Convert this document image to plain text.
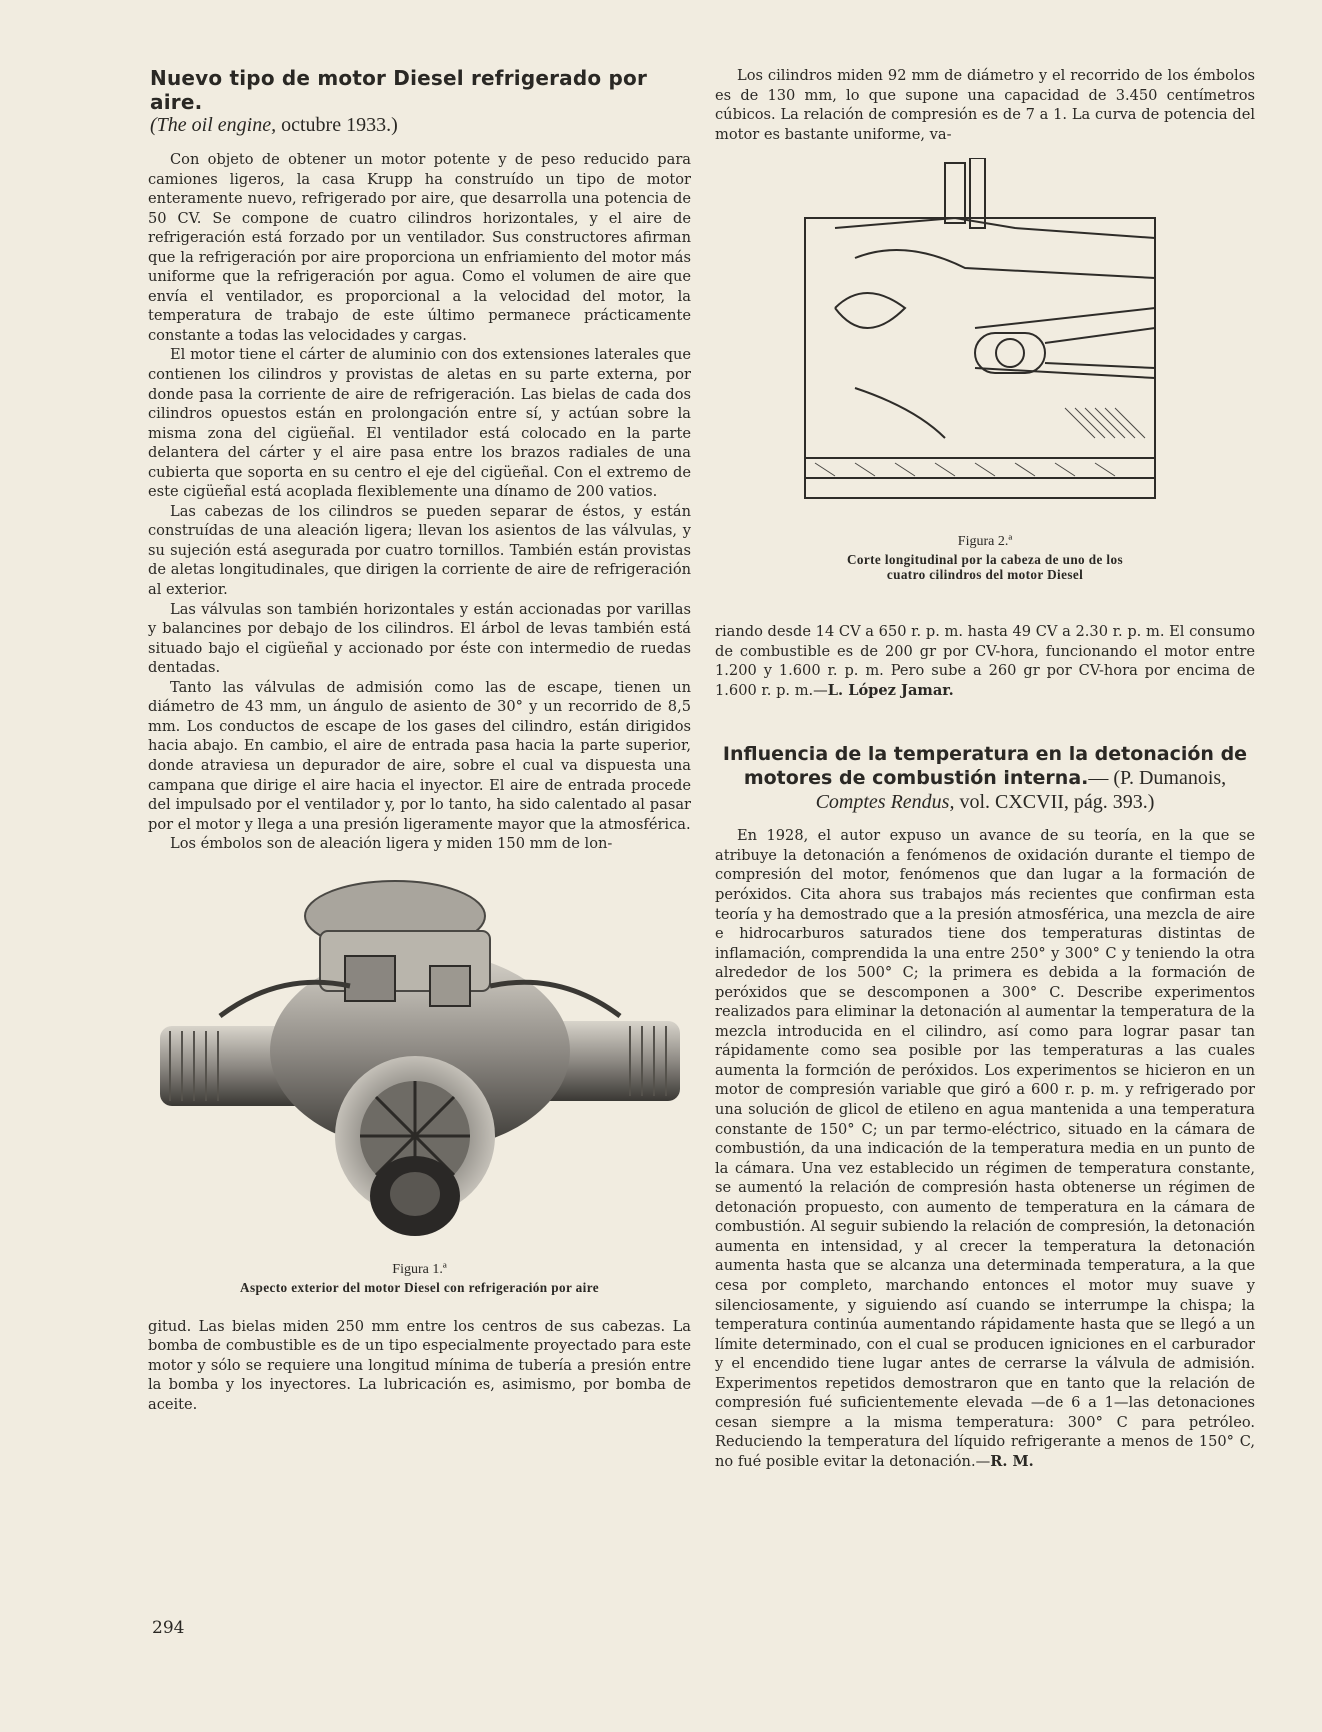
Nuevo tipo de motor Diesel refrigerado por aire.
(The oil engine, octubre 1933.)

Con objeto de obtener un motor potente y de peso reducido para camiones ligeros, la casa Krupp ha construído un tipo de motor enteramente nuevo, refrigerado por aire, que desarrolla una potencia de 50 CV. Se compone de cuatro cilindros horizontales, y el aire de refrigeración está forzado por un ventilador. Sus constructores afirman que la refrigeración por aire proporciona un enfriamiento del motor más uniforme que la refrigeración por agua. Como el volumen de aire que envía el ventilador, es proporcional a la velocidad del motor, la temperatura de trabajo de este último permanece prácticamente constante a todas las velocidades y cargas.

El motor tiene el cárter de aluminio con dos extensiones laterales que contienen los cilindros y provistas de aletas en su parte externa, por donde pasa la corriente de aire de refrigeración. Las bielas de cada dos cilindros opuestos están en prolongación entre sí, y actúan sobre la misma zona del cigüeñal. El ventilador está colocado en la parte delantera del cárter y el aire pasa entre los brazos radiales de una cubierta que soporta en su centro el eje del cigüeñal. Con el extremo de este cigüeñal está acoplada flexiblemente una dínamo de 200 vatios.

Las cabezas de los cilindros se pueden separar de éstos, y están construídas de una aleación ligera; llevan los asientos de las válvulas, y su sujeción está asegurada por cuatro tornillos. También están provistas de aletas longitudinales, que dirigen la corriente de aire de refrigeración al exterior.

Las válvulas son también horizontales y están accionadas por varillas y balancines por debajo de los cilindros. El árbol de levas también está situado bajo el cigüeñal y accionado por éste con intermedio de ruedas dentadas.

Tanto las válvulas de admisión como las de escape, tienen un diámetro de 43 mm, un ángulo de asiento de 30° y un recorrido de 8,5 mm. Los conductos de escape de los gases del cilindro, están dirigidos hacia abajo. En cambio, el aire de entrada pasa hacia la parte superior, donde atraviesa un depurador de aire, sobre el cual va dispuesta una campana que dirige el aire hacia el inyector. El aire de entrada procede del impulsado por el ventilador y, por lo tanto, ha sido calentado al pasar por el motor y llega a una presión ligeramente mayor que la atmosférica.

Los émbolos son de aleación ligera y miden 150 mm de lon-

Figura 1.ª

Aspecto exterior del motor Diesel con refrigeración por aire

gitud. Las bielas miden 250 mm entre los centros de sus cabezas. La bomba de combustible es de un tipo especialmente proyectado para este motor y sólo se requiere una longitud mínima de tubería a presión entre la bomba y los inyectores. La lubricación es, asimismo, por bomba de aceite.

Los cilindros miden 92 mm de diámetro y el recorrido de los émbolos es de 130 mm, lo que supone una capacidad de 3.450 centímetros cúbicos. La relación de compresión es de 7 a 1. La curva de potencia del motor es bastante uniforme, va-

Figura 2.ª

Corte longitudinal por la cabeza de uno de los

cuatro cilindros del motor Diesel

riando desde 14 CV a 650 r. p. m. hasta 49 CV a 2.30 r. p. m. El consumo de combustible es de 200 gr por CV-hora, funcionando el motor entre 1.200 y 1.600 r. p. m. Pero sube a 260 gr por CV-hora por encima de 1.600 r. p. m.—L. López Jamar.

Influencia de la temperatura en la detonación de

motores de combustión interna.— (P. Dumanois,

Comptes Rendus, vol. CXCVII, pág. 393.)

En 1928, el autor expuso un avance de su teoría, en la que se atribuye la detonación a fenómenos de oxidación durante el tiempo de compresión del motor, fenómenos que dan lugar a la formación de peróxidos. Cita ahora sus trabajos más recientes que confirman esta teoría y ha demostrado que a la presión atmosférica, una mezcla de aire e hidrocarburos saturados tiene dos temperaturas distintas de inflamación, comprendida la una entre 250° y 300° C y teniendo la otra alrededor de los 500° C; la primera es debida a la formación de peróxidos que se descomponen a 300° C. Describe experimentos realizados para eliminar la detonación al aumentar la temperatura de la mezcla introducida en el cilindro, así como para lograr pasar tan rápidamente como sea posible por las temperaturas a las cuales aumenta la formción de peróxidos. Los experimentos se hicieron en un motor de compresión variable que giró a 600 r. p. m. y refrigerado por una solución de glicol de etileno en agua mantenida a una temperatura constante de 150° C; un par termo-eléctrico, situado en la cámara de combustión, da una indicación de la temperatura media en un punto de la cámara. Una vez establecido un régimen de temperatura constante, se aumentó la relación de compresión hasta obtenerse un régimen de detonación propuesto, con aumento de temperatura en la cámara de combustión. Al seguir subiendo la relación de compresión, la detonación aumenta en intensidad, y al crecer la temperatura la detonación aumenta hasta que se alcanza una determinada temperatura, a la que cesa por completo, marchando entonces el motor muy suave y silenciosamente, y siguiendo así cuando se interrumpe la chispa; la temperatura continúa aumentando rápidamente hasta que se llegó a un límite determinado, con el cual se producen igniciones en el carburador y el encendido tiene lugar antes de cerrarse la válvula de admisión. Experimentos repetidos demostraron que en tanto que la relación de compresión fué suficientemente elevada —de 6 a 1—las detonaciones cesan siempre a la misma temperatura: 300° C para petróleo. Reduciendo la temperatura del líquido refrigerante a menos de 150° C, no fué posible evitar la detonación.—R. M.

294
